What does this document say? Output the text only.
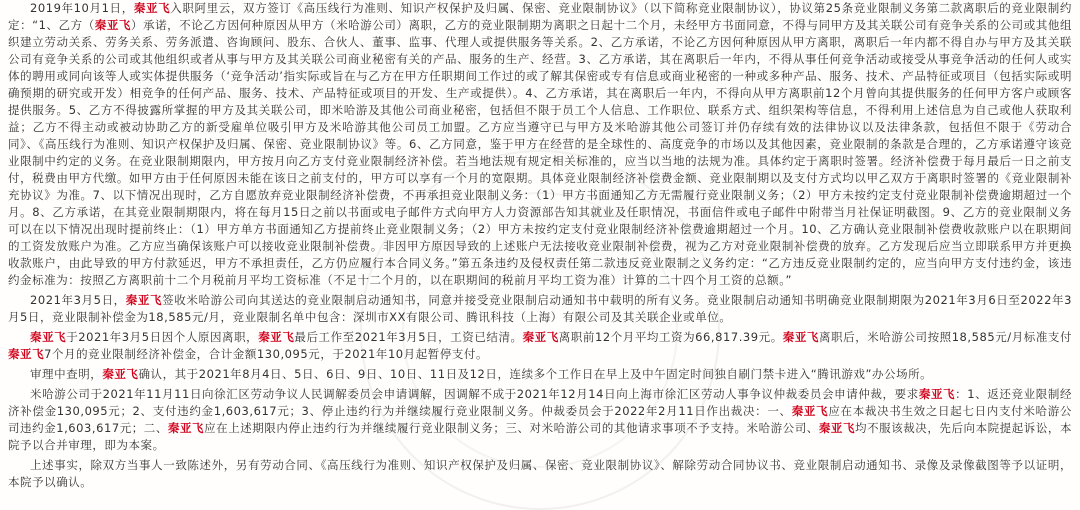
2019年10月1日，秦亚飞入职阿里云，双方签订《高压线行为准则、知识产权保护及归属、保密、竞业限制协议》（以下简称竞业限制协议），协议第25条竞业限制义务第二款离职后的竞业限制约定：“1、乙方（秦亚飞）承诺，不论乙方因何种原因从甲方（米哈游公司）离职，乙方的竞业限制期为离职之日起十二个月，未经甲方书面同意，不得与同甲方及其关联公司有竞争关系的公司或其他组织建立劳动关系、劳务关系、劳务派遣、咨询顾问、股东、合伙人、董事、监事、代理人或提供服务等关系。2、乙方承诺，不论乙方因何种原因从甲方离职，离职后一年内都不得自办与甲方及其关联公司有竞争关系的公司或其他组织或者从事与甲方及其关联公司商业秘密有关的产品、服务的生产、经营。3、乙方承诺，其在离职后一年内，不得从事任何竞争活动或接受从事竞争活动的任何人或实体的聘用或同向该等人或实体提供服务（‘竞争活动’指实际或旨在与乙方在甲方任职期间工作过的或了解其保密或专有信息或商业秘密的一种或多种产品、服务、技术、产品特征或项目（包括实际或明确预期的研究或开发）相竞争的任何产品、服务、技术、产品特征或项目的开发、生产或提供）。4、乙方承诺，其在离职后一年内，不得向从甲方离职前12个月曾向其提供服务的任何甲方客户或顾客提供服务。5、乙方不得披露所掌握的甲方及其关联公司，即米哈游及其他公司商业秘密，包括但不限于员工个人信息、工作职位、联系方式、组织架构等信息，不得利用上述信息为自己或他人获取利益；乙方不得主动或被动协助乙方的新受雇单位吸引甲方及米哈游其他公司员工加盟。乙方应当遵守已与甲方及米哈游其他公司签订并仍存续有效的法律协议以及法律条款，包括但不限于《劳动合同》、《高压线行为准则、知识产权保护及归属、保密、竞业限制协议》等。6、乙方同意，鉴于甲方在经营的是全球性的、高度竞争的市场以及其他因素，竞业限制的条款是合理的，乙方承诺遵守该竞业限制中约定的义务。在竞业限制期限内，甲方按月向乙方支付竞业限制经济补偿。若当地法规有规定相关标准的，应当以当地的法规为准。具体约定于离职时签署。经济补偿费于每月最后一日之前支付，税费由甲方代缴。如甲方由于任何原因未能在该日之前支付的，甲方可以享有一个月的宽限期。具体竞业限制经济补偿费金额、竞业限制期以及支付方式均以甲乙双方于离职时签署的《竞业限制补充协议》为准。7、以下情况出现时，乙方自愿放弃竞业限制经济补偿费，不再承担竞业限制义务：（1）甲方书面通知乙方无需履行竞业限制义务；（2）甲方未按约定支付竞业限制补偿费逾期超过一个月。8、乙方承诺，在其竞业限制期限内，将在每月15日之前以书面或电子邮件方式向甲方人力资源部告知其就业及任职情况，书面信件或电子邮件中附带当月社保证明截图。9、乙方的竞业限制义务可以在以下情况出现时提前终止：（1）甲方单方书面通知乙方提前终止竞业限制义务；（2）甲方未按约定支付竞业限制经济补偿费逾期超过一个月。10、乙方确认竞业限制补偿费收款账户以在职期间的工资发放账户为准。乙方应当确保该账户可以接收竞业限制补偿费。非因甲方原因导致的上述账户无法接收竞业限制补偿费，视为乙方对竞业限制补偿费的放弃。乙方发现后应当立即联系甲方并更换收款账户，由此导致的甲方付款延迟，甲方不承担责任，乙方仍应履行本合同义务。”第五条违约及侵权责任第二款违反竞业限制之义务约定：“乙方违反竞业限制约定的，应当向甲方支付违约金，该违约金标准为：按照乙方离职前十二个月税前月平均工资标准（不足十二个月的，以在职期间的税前月平均工资为准）计算的二十四个月工资的总额。”

2021年3月5日，秦亚飞签收米哈游公司向其送达的竞业限制启动通知书，同意并接受竞业限制启动通知书中载明的所有义务。竞业限制启动通知书明确竞业限制期限为2021年3月6日至2022年3月5日，竞业限制补偿金为18,585元/月，竞业限制名单中包含：深圳市XX有限公司、腾讯科技（上海）有限公司及其关联企业或单位。

秦亚飞于2021年3月5日因个人原因离职，秦亚飞最后工作至2021年3月5日，工资已结清。秦亚飞离职前12个月平均工资为66,817.39元。秦亚飞离职后，米哈游公司按照18,585元/月标准支付秦亚飞7个月的竞业限制经济补偿金，合计金额130,095元，于2021年10月起暂停支付。

审理中查明，秦亚飞确认，其于2021年8月4日、5日、6日、9日、10日、11日及12日，连续多个工作日在早上及中午固定时间独自刷门禁卡进入“腾讯游戏”办公场所。

米哈游公司于2021年11月11日向徐汇区劳动争议人民调解委员会申请调解，因调解不成于2021年12月14日向上海市徐汇区劳动人事争议仲裁委员会申请仲裁，要求秦亚飞：1、返还竞业限制经济补偿金130,095元；2、支付违约金1,603,617元；3、停止违约行为并继续履行竞业限制义务。仲裁委员会于2022年2月11日作出裁决：一、秦亚飞应在本裁决书生效之日起七日内支付米哈游公司违约金1,603,617元；二、秦亚飞应在上述期限内停止违约行为并继续履行竞业限制义务；三、对米哈游公司的其他请求事项不予支持。米哈游公司、秦亚飞均不服该裁决，先后向本院提起诉讼，本院予以合并审理，即为本案。

上述事实，除双方当事人一致陈述外，另有劳动合同、《高压线行为准则、知识产权保护及归属、保密、竞业限制协议》、解除劳动合同协议书、竞业限制启动通知书、录像及录像截图等予以证明，本院予以确认。
